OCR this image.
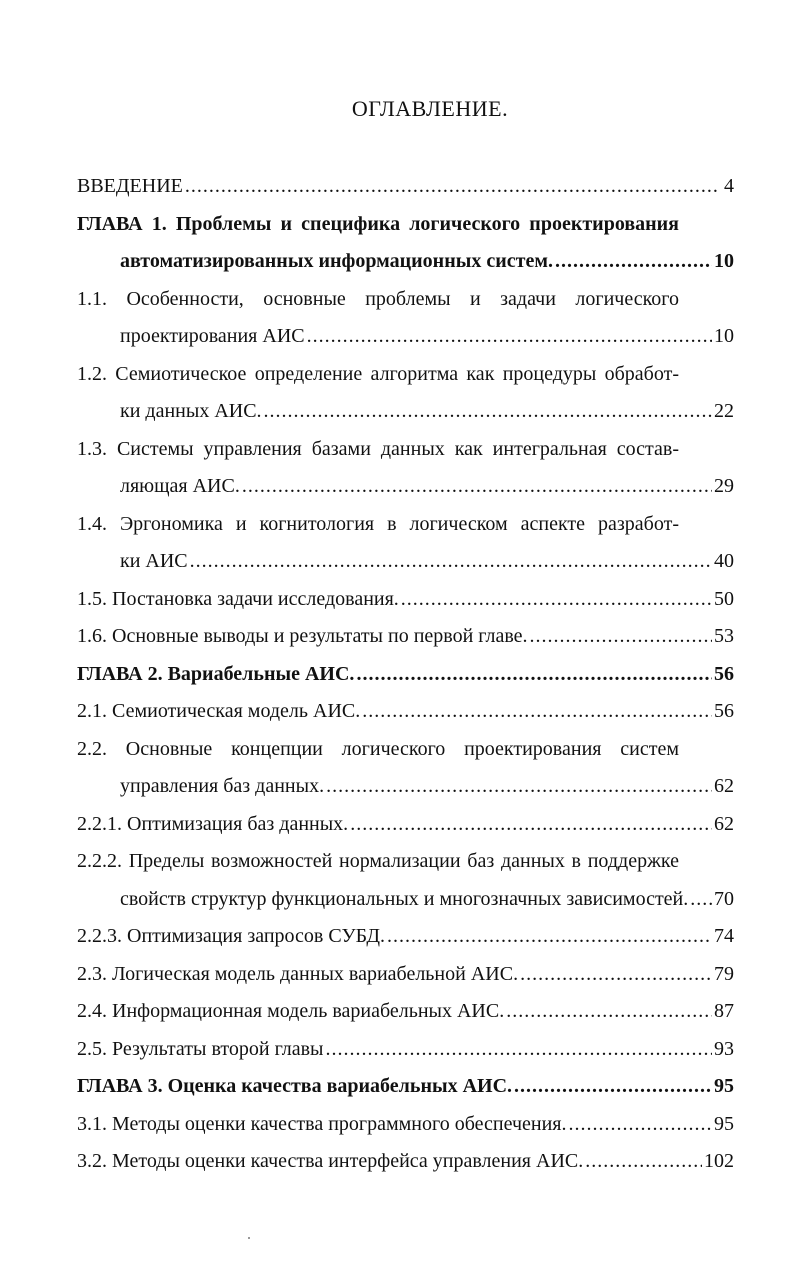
ОГЛАВЛЕНИЕ.
ВВЕДЕНИЕ .....	4
ГЛАВА 1. Проблемы и специфика логического проектирования
автоматизированных информационных систем. .....	10
1.1. Особенности, основные проблемы и задачи логического
проектирования АИС .....	10
1.2. Семиотическое определение алгоритма как процедуры обработ-
ки данных АИС. .....	22
1.3. Системы управления базами данных как интегральная состав-
ляющая АИС. .....	29
1.4. Эргономика и когнитология в логическом аспекте разработ-
ки АИС .....	40
1.5. Постановка задачи исследования. .....	50
1.6. Основные выводы и результаты по первой главе. .....	53
ГЛАВА 2. Вариабельные АИС. .....	56
2.1. Семиотическая модель АИС. .....	56
2.2. Основные концепции логического проектирования систем
управления баз данных. .....	62
2.2.1. Оптимизация баз данных. .....	62
2.2.2. Пределы возможностей нормализации баз данных в поддержке
свойств структур функциональных и многозначных зависимостей. ..... 70
2.2.3. Оптимизация запросов СУБД. .....	74
2.3. Логическая модель данных вариабельной АИС. .....	79
2.4. Информационная модель вариабельных АИС. .....	87
2.5. Результаты второй главы .....	93
ГЛАВА 3. Оценка качества вариабельных АИС. .....	95
3.1. Методы оценки качества программного обеспечения. .....	95
3.2. Методы оценки качества интерфейса управления АИС. .....	102
